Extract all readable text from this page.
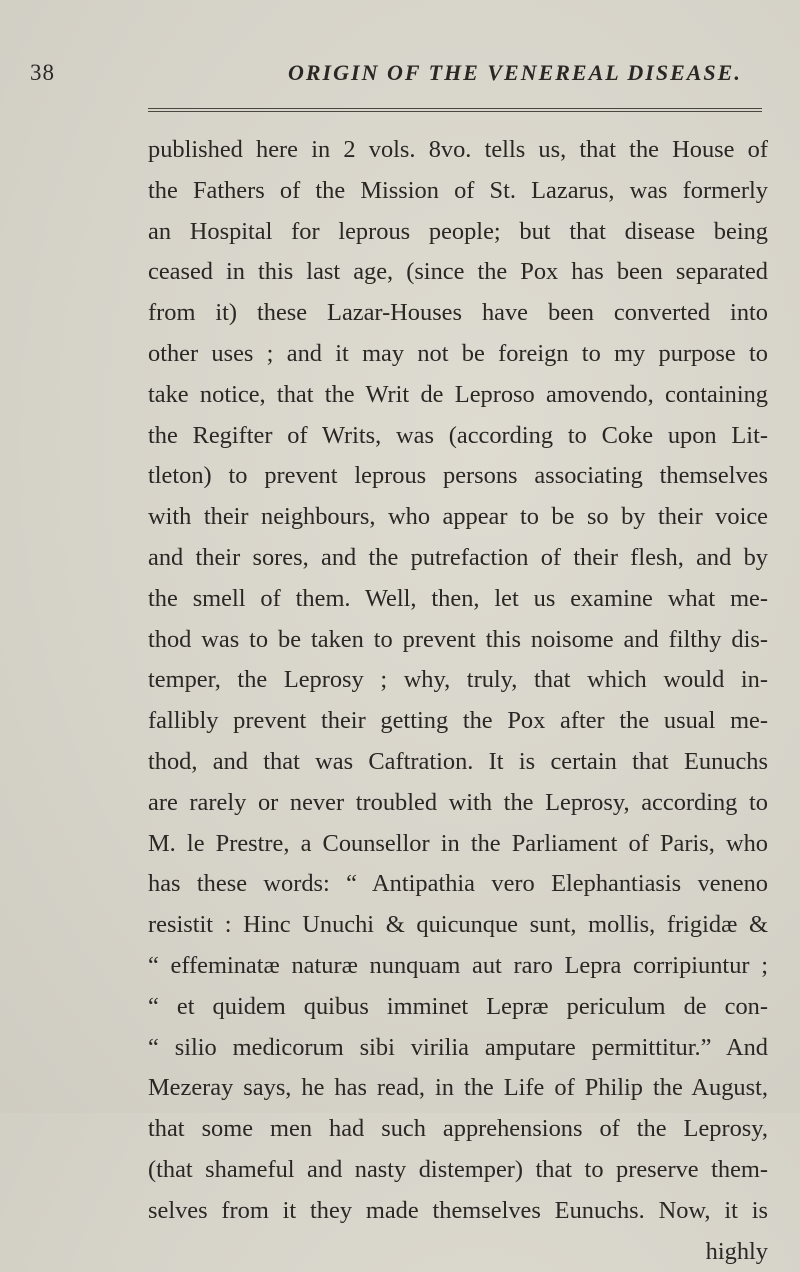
38	ORIGIN OF THE VENEREAL DISEASE.
published here in 2 vols. 8vo. tells us, that the House of
the Fathers of the Mission of St. Lazarus, was formerly
an Hospital for leprous people; but that disease being
ceased in this last age, (since the Pox has been separated
from it) these Lazar-Houses have been converted into
other uses ; and it may not be foreign to my purpose to
take notice, that the Writ de Leproso amovendo, containing
the Regifter of Writs, was (according to Coke upon Lit-
tleton) to prevent leprous persons associating themselves
with their neighbours, who appear to be so by their voice
and their sores, and the putrefaction of their flesh, and by
the smell of them. Well, then, let us examine what me-
thod was to be taken to prevent this noisome and filthy dis-
temper, the Leprosy ; why, truly, that which would in-
fallibly prevent their getting the Pox after the usual me-
thod, and that was Caftration. It is certain that Eunuchs
are rarely or never troubled with the Leprosy, according to
M. le Prestre, a Counsellor in the Parliament of Paris, who
has these words: “ Antipathia vero Elephantiasis veneno
resistit : Hinc Unuchi & quicunque sunt, mollis, frigidæ &
“ effeminatæ naturæ nunquam aut raro Lepra corripiuntur ;
“ et quidem quibus imminet Lepræ periculum de con-
“ silio medicorum sibi virilia amputare permittitur.” And
Mezeray says, he has read, in the Life of Philip the August,
that some men had such apprehensions of the Leprosy,
(that shameful and nasty distemper) that to preserve them-
selves from it they made themselves Eunuchs. Now, it is
highly
